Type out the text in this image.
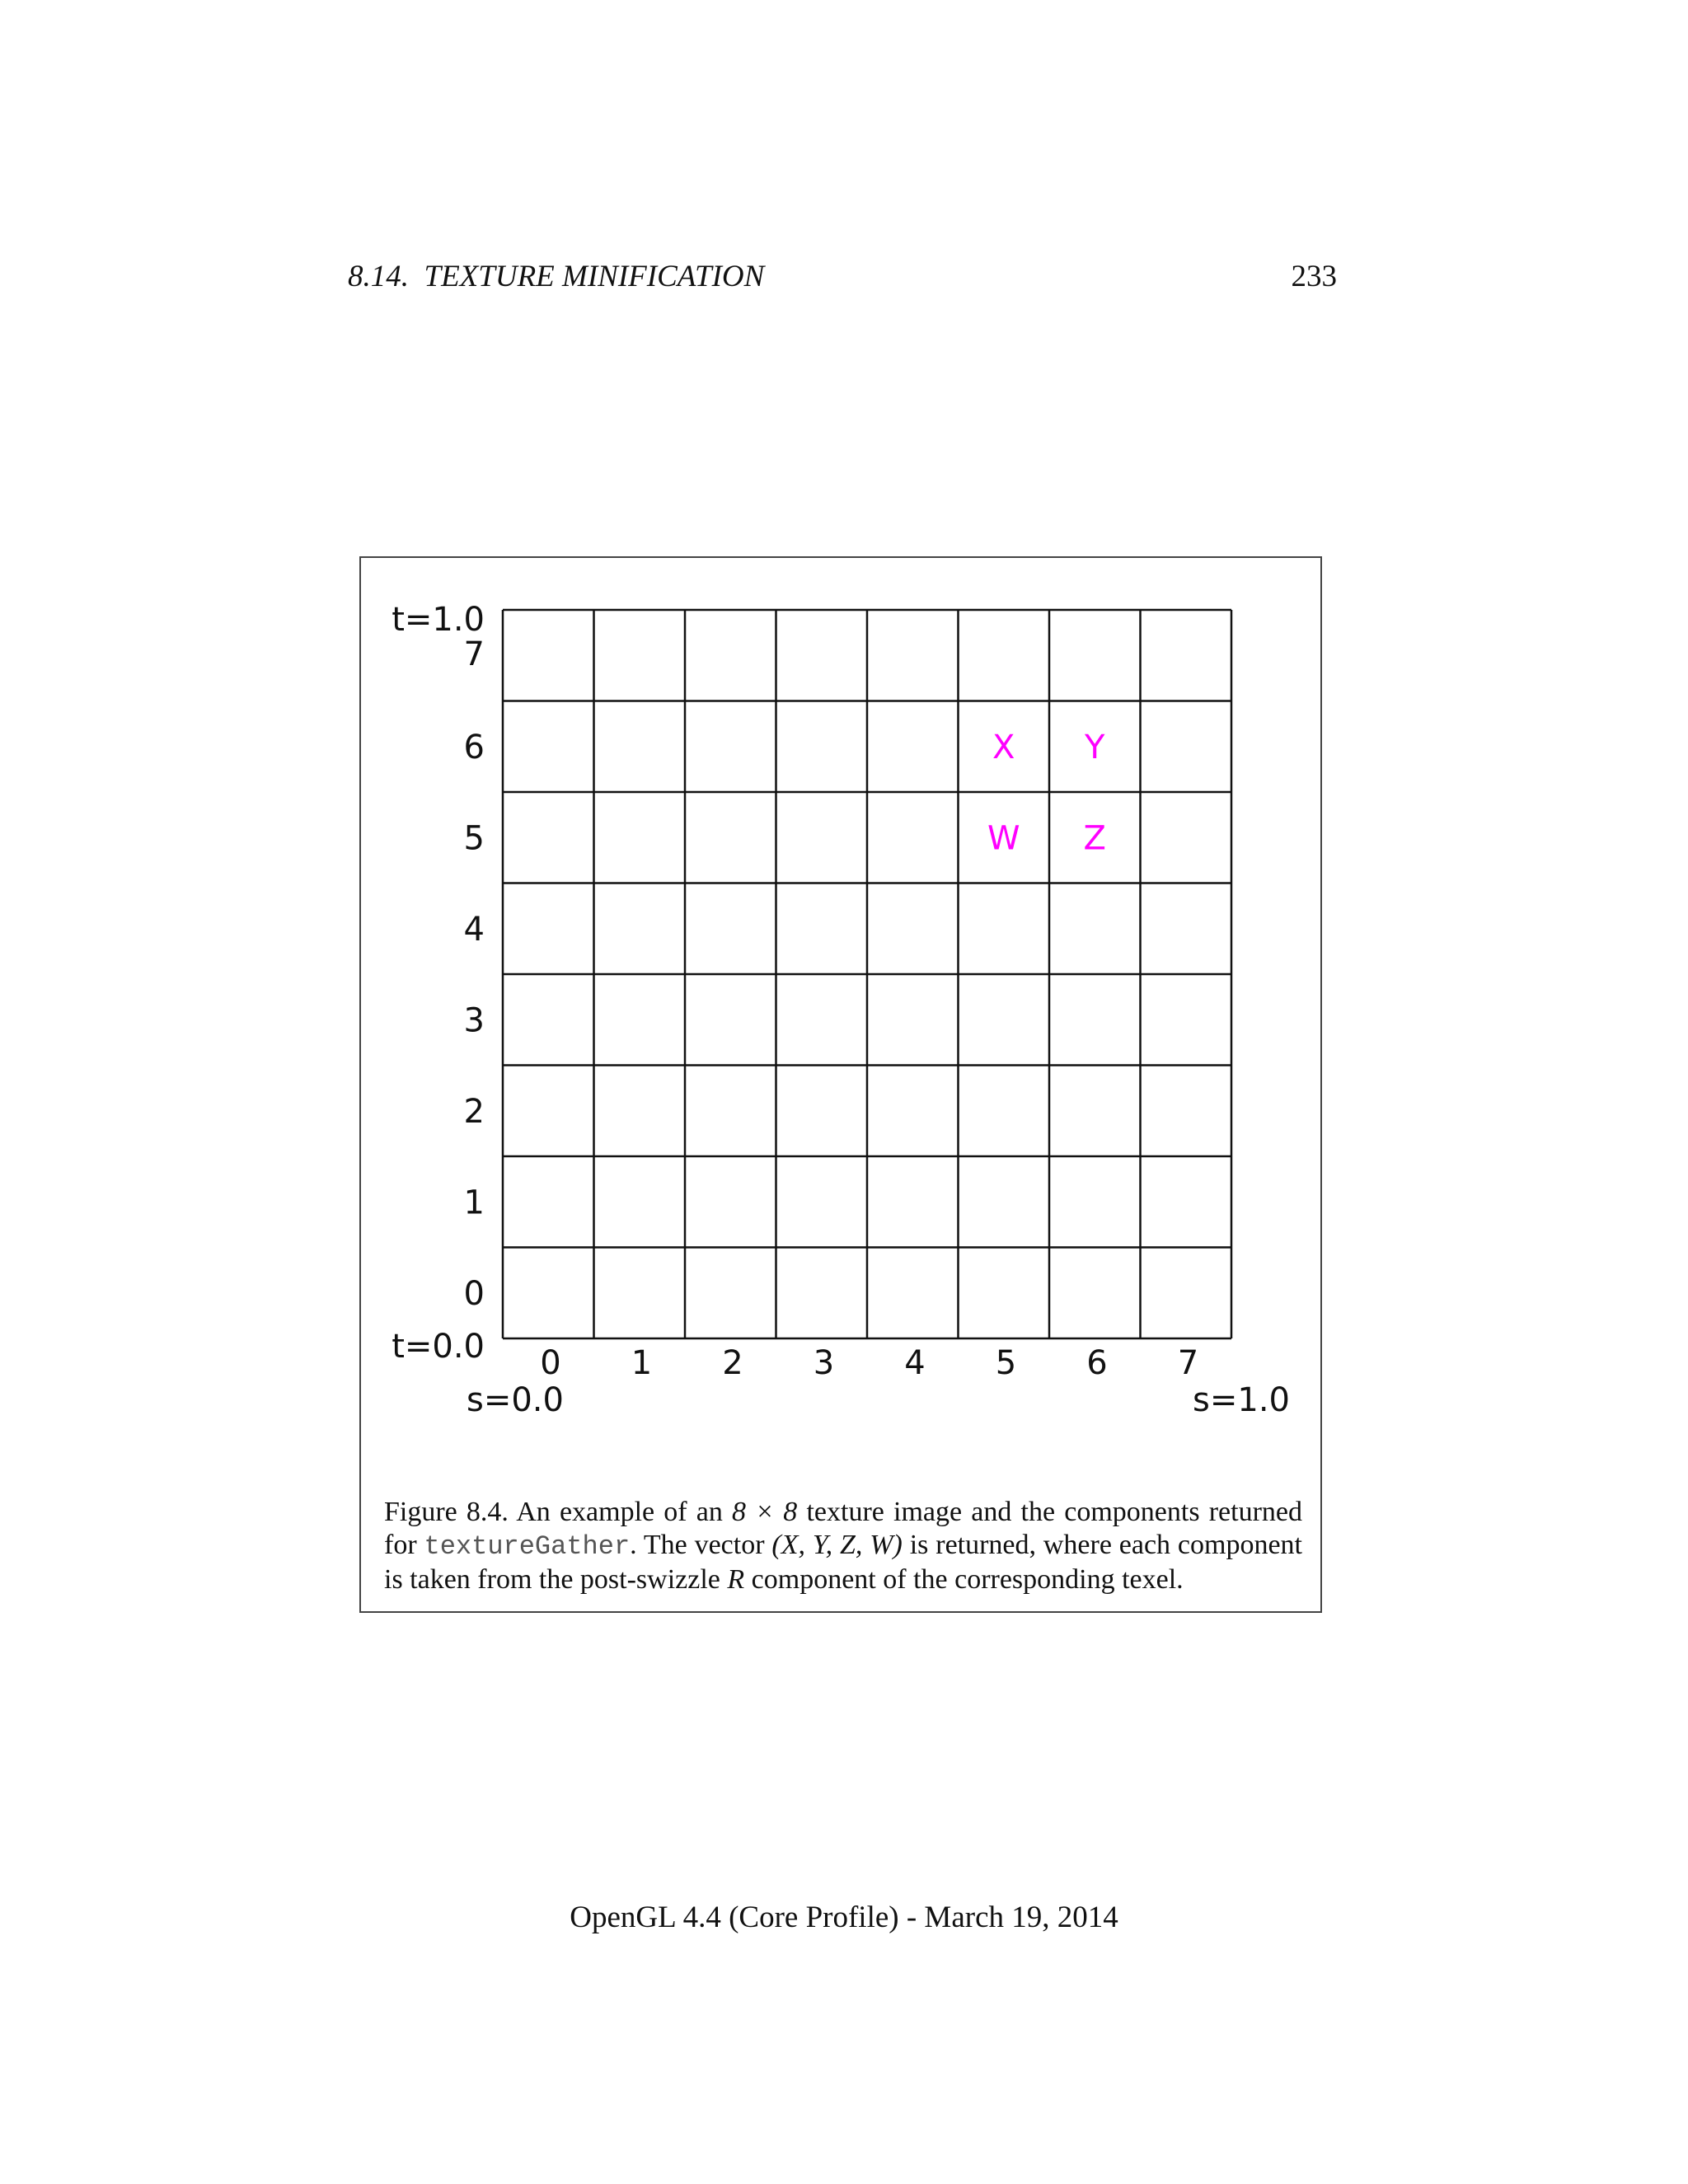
8.14.  TEXTURE MINIFICATION	233
7
6
5
4
3
2
1
0
0 1 2 3 4 5 6 7
X Y
W Z
t=1.0
t=0.0
s=0.0	s=1.0
Figure 8.4. An example of an 8 × 8 texture image and the components returned for textureGather. The vector (X, Y, Z, W) is returned, where each component is taken from the post-swizzle R component of the corresponding texel.
OpenGL 4.4 (Core Profile) - March 19, 2014
